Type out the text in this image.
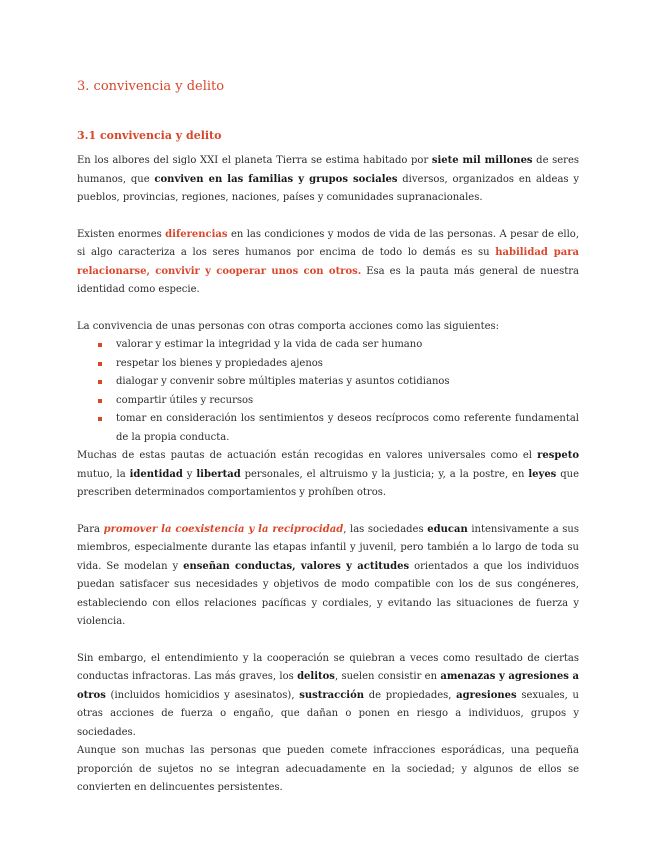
3. convivencia y delito
3.1 convivencia y delito

En los albores del siglo XXI el planeta Tierra se estima habitado por siete mil millones de seres humanos, que conviven en las familias y grupos sociales diversos, organizados en aldeas y pueblos, provincias, regiones, naciones, países y comunidades supranacionales.

Existen enormes diferencias en las condiciones y modos de vida de las personas. A pesar de ello, si algo caracteriza a los seres humanos por encima de todo lo demás es su habilidad para relacionarse, convivir y cooperar unos con otros. Esa es la pauta más general de nuestra identidad como especie.

La convivencia de unas personas con otras comporta acciones como las siguientes:

valorar y estimar la integridad y la vida de cada ser humano
respetar los bienes y propiedades ajenos
dialogar y convenir sobre múltiples materias y asuntos cotidianos
compartir útiles y recursos
tomar en consideración los sentimientos y deseos recíprocos como referente fundamental de la propia conducta.

Muchas de estas pautas de actuación están recogidas en valores universales como el respeto mutuo, la identidad y libertad personales, el altruismo y la justicia; y, a la postre, en leyes que prescriben determinados comportamientos y prohíben otros.

Para promover la coexistencia y la reciprocidad, las sociedades educan intensivamente a sus miembros, especialmente durante las etapas infantil y juvenil, pero también a lo largo de toda su vida. Se modelan y enseñan conductas, valores y actitudes orientados a que los individuos puedan satisfacer sus necesidades y objetivos de modo compatible con los de sus congéneres, estableciendo con ellos relaciones pacíficas y cordiales, y evitando las situaciones de fuerza y violencia.

Sin embargo, el entendimiento y la cooperación se quiebran a veces como resultado de ciertas conductas infractoras. Las más graves, los delitos, suelen consistir en amenazas y agresiones a otros (incluidos homicidios y asesinatos), sustracción de propiedades, agresiones sexuales, u otras acciones de fuerza o engaño, que dañan o ponen en riesgo a individuos, grupos y sociedades.

Aunque son muchas las personas que pueden comete infracciones esporádicas, una pequeña proporción de sujetos no se integran adecuadamente en la sociedad; y algunos de ellos se convierten en delincuentes persistentes.
